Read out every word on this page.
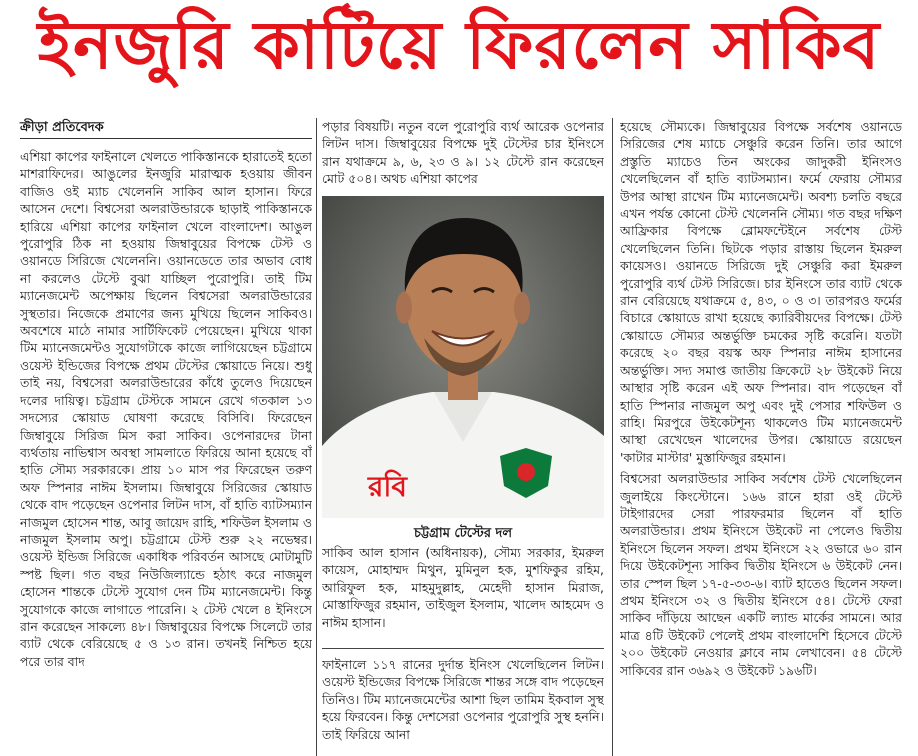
ইনজুরি কাটিয়ে ফিরলেন সাকিব
ক্রীড়া প্রতিবেদক

এশিয়া কাপের ফাইনালে খেলতে পাকিস্তানকে হারাতেই হতো মাশরাফিদের। আঙুলের ইনজুরি মারাত্মক হওয়ায় জীবন বাজিও ওই ম্যাচ খেলেননি সাকিব আল হাসান। ফিরে আসেন দেশে। বিশ্বসেরা অলরাউন্ডারকে ছাড়াই পাকিস্তানকে হারিয়ে এশিয়া কাপের ফাইনাল খেলে বাংলাদেশ। আঙুল পুরোপুরি ঠিক না হওয়ায় জিম্বাবুয়ের বিপক্ষে টেস্ট ও ওয়ানডে সিরিজে খেলেননি। ওয়ানডেতে তার অভাব বোধ না করলেও টেস্টে বুঝা যাচ্ছিল পুরোপুরি। তাই টিম ম্যানেজমেন্ট অপেক্ষায় ছিলেন বিশ্বসেরা অলরাউন্ডারের সুস্থতার। নিজেকে প্রমাণের জন্য মুখিয়ে ছিলেন সাকিবও। অবশেষে মাঠে নামার সার্টিফিকেট পেয়েছেন। মুখিয়ে থাকা টিম ম্যানেজমেন্টও সুযোগটাকে কাজে লাগিয়েছেন চট্টগ্রামে ওয়েস্ট ইন্ডিজের বিপক্ষে প্রথম টেস্টের স্কোয়াডে নিয়ে। শুধু তাই নয়, বিশ্বসেরা অলরাউন্ডারের কাঁধে তুলেও দিয়েছেন দলের দায়িত্ব। চট্টগ্রাম টেস্টকে সামনে রেখে গতকাল ১৩ সদস্যের স্কোয়াড ঘোষণা করেছে বিসিবি। ফিরেছেন জিম্বাবুয়ে সিরিজ মিস করা সাকিব। ওপেনারদের টানা ব্যর্থতায় নাভিশ্বাস অবস্থা সামলাতে ফিরিয়ে আনা হয়েছে বাঁ হাতি সৌম্য সরকারকে। প্রায় ১০ মাস পর ফিরেছেন তরুণ অফ স্পিনার নাঈম ইসলাম। জিম্বাবুয়ে সিরিজের স্কোয়াড থেকে বাদ পড়েছেন ওপেনার লিটন দাস, বাঁ হাতি ব্যাটসম্যান নাজমুল হোসেন শান্ত, আবু জায়েদ রাহি, শফিউল ইসলাম ও নাজমুল ইসলাম অপু। চট্টগ্রামে টেস্ট শুরু ২২ নভেম্বর। ওয়েস্ট ইন্ডিজ সিরিজে একাধিক পরিবর্তন আসছে মোটামুটি স্পষ্ট ছিল। গত বছর নিউজিল্যান্ডে হঠাৎ করে নাজমুল হোসেন শান্তকে টেস্টে সুযোগ দেন টিম ম্যানেজমেন্ট। কিন্তু সুযোগকে কাজে লাগাতে পারেনি। ২ টেস্ট খেলে ৪ ইনিংসে রান করেছেন সাকল্যে ৪৮। জিম্বাবুয়ের বিপক্ষে সিলেটে তার ব্যাট থেকে বেরিয়েছে ৫ ও ১৩ রান। তখনই নিশ্চিত হয়ে পরে তার বাদ

পড়ার বিষয়টি। নতুন বলে পুরোপুরি ব্যর্থ আরেক ওপেনার লিটন দাস। জিম্বাবুয়ের বিপক্ষে দুই টেস্টের চার ইনিংসে রান যথাক্রমে ৯, ৬, ২৩ ও ৯। ১২ টেস্টে রান করেছেন মোট ৫০৪। অথচ এশিয়া কাপের

রবি
চট্টগ্রাম টেস্টের দল
সাকিব আল হাসান (অধিনায়ক), সৌম্য সরকার, ইমরুল কায়েস, মোহাম্মদ মিথুন, মুমিনুল হক, মুশফিকুর রহিম, আরিফুল হক, মাহমুদুল্লাহ, মেহেদী হাসান মিরাজ, মোস্তাফিজুর রহমান, তাইজুল ইসলাম, খালেদ আহমেদ ও নাঈম হাসান।

ফাইনালে ১১৭ রানের দুর্দান্ত ইনিংস খেলেছিলেন লিটন। ওয়েস্ট ইন্ডিজের বিপক্ষে সিরিজে শান্তর সঙ্গে বাদ পড়েছেন তিনিও। টিম ম্যানেজমেন্টের আশা ছিল তামিম ইকবাল সুস্থ হয়ে ফিরবেন। কিন্তু দেশসেরা ওপেনার পুরোপুরি সুস্থ হননি। তাই ফিরিয়ে আনা

হয়েছে সৌম্যকে। জিম্বাবুয়ের বিপক্ষে সর্বশেষ ওয়ানডে সিরিজের শেষ ম্যাচে সেঞ্চুরি করেন তিনি। তার আগে প্রস্তুতি ম্যাচেও তিন অংকের জাদুকরী ইনিংসও খেলেছিলেন বাঁ হাতি ব্যাটসম্যান। ফর্মে ফেরায় সৌম্যর উপর আস্থা রাখেন টিম ম্যানেজমেন্ট। অবশ্য চলতি বছরে এখন পর্যন্ত কোনো টেস্ট খেলেননি সৌম্য। গত বছর দক্ষিণ আফ্রিকার বিপক্ষে ব্লোমফন্টেইনে সর্বশেষ টেস্ট খেলেছিলেন তিনি। ছিটকে পড়ার রাস্তায় ছিলেন ইমরুল কায়েসও। ওয়ানডে সিরিজে দুই সেঞ্চুরি করা ইমরুল পুরোপুরি ব্যর্থ টেস্ট সিরিজে। চার ইনিংসে তার ব্যাট থেকে রান বেরিয়েছে যথাক্রমে ৫, ৪৩, ০ ও ৩। তারপরও ফর্মের বিচারে স্কোয়াডে রাখা হয়েছে ক্যারিবীয়দের বিপক্ষে। টেস্ট স্কোয়াডে সৌম্যর অন্তর্ভুক্তি চমকের সৃষ্টি করেনি। যতটা করেছে ২০ বছর বয়স্ক অফ স্পিনার নাঈম হাসানের অন্তর্ভুক্তি। সদ্য সমাপ্ত জাতীয় ক্রিকেটে ২৮ উইকেট নিয়ে আস্থার সৃষ্টি করেন এই অফ স্পিনার। বাদ পড়েছেন বাঁ হাতি স্পিনার নাজমুল অপু এবং দুই পেসার শফিউল ও রাহি। মিরপুরে উইকেটশূন্য থাকলেও টিম ম্যানেজমেন্ট আস্থা রেখেছেন খালেদের উপর। স্কোয়াডে রয়েছেন 'কাটার মাস্টার' মুস্তাফিজুর রহমান।

বিশ্বসেরা অলরাউন্ডার সাকিব সর্বশেষ টেস্ট খেলেছিলেন জুলাইয়ে কিংস্টোনে। ১৬৬ রানে হারা ওই টেস্টে টাইগারদের সেরা পারফরমার ছিলেন বাঁ হাতি অলরাউন্ডার। প্রথম ইনিংসে উইকেট না পেলেও দ্বিতীয় ইনিংসে ছিলেন সফল। প্রথম ইনিংসে ২২ ওভারে ৬০ রান দিয়ে উইকেটশূন্য সাকিব দ্বিতীয় ইনিংসে ৬ উইকেট নেন। তার স্পেল ছিল ১৭-৫-৩৩-৬। ব্যাট হাতেও ছিলেন সফল। প্রথম ইনিংসে ৩২ ও দ্বিতীয় ইনিংসে ৫৪। টেস্টে ফেরা সাকিব দাঁড়িয়ে আছেন একটি ল্যান্ড মার্কের সামনে। আর মাত্র ৪টি উইকেট পেলেই প্রথম বাংলাদেশি হিসেবে টেস্টে ২০০ উইকেট নেওয়ার ক্লাবে নাম লেখাবেন। ৫৪ টেস্টে সাকিবের রান ৩৬৯২ ও উইকেট ১৯৬টি।
